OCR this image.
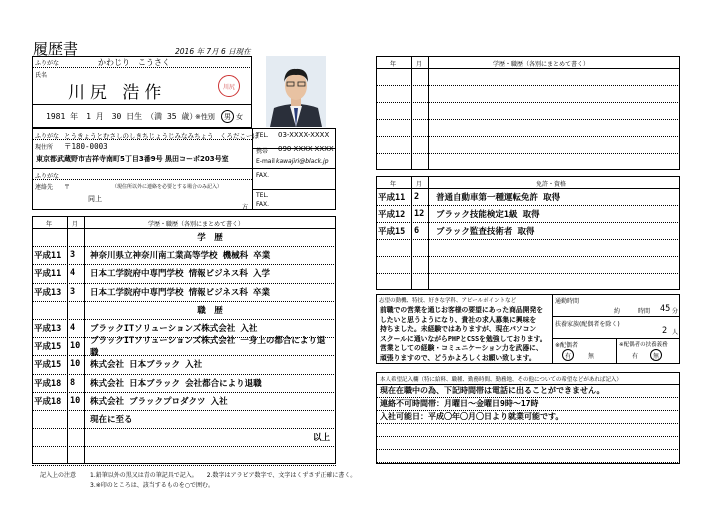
履歴書	2016 年 7月 6 日現在
ふりがな	かわじり　こうさく
氏名
川尻 浩作	川尻
1981 年　1 月　30 日生　（満 35 歳）
※性別 男 女
ふりがな とうきょうとむさしのしきちじょうじみなみちょう　くろだこーぽ
現住所 〒180-0003
東京都武蔵野市吉祥寺南町5丁目3番9号 黒田コーポ203号室
TEL. 03-XXXX-XXXX
携帯 090-XXXX-XXXX
E-mail kawajiri@black.jp
FAX.
ふりがな
連絡先 〒	（現住所以外に連絡を必要とする場合のみ記入）
同上
方
TEL.
FAX.
年	月	学歴・職歴（各別にまとめて書く）
記入上の注意 1.鉛筆以外の黒又は青の筆記具で記入。　　2.数字はアラビア数字で、文字はくずさず正確に書く。
3.※印のところは、該当するものを○で囲む。
年	月	学歴・職歴（各別にまとめて書く）
年	月	免許・資格
志望の動機、特技、好きな学科、アピールポイントなど	通勤時間
約	時間 45 分
扶養家族(配偶者を除く)
2 人
※配偶者
有	無
※配偶者の扶養義務
有 無
本人希望記入欄（特に給料、職種、勤務時間、勤務地、その他についての希望などがあれば記入）
学　歴
平成11	3	神奈川県立神奈川南工業高等学校 機械科 卒業
平成11	4	日本工学院府中専門学校 情報ビジネス科 入学
平成13	3	日本工学院府中専門学校 情報ビジネス科 卒業
職　歴
平成13	4	ブラックITソリューションズ株式会社 入社
平成15	10	ブラックITソリューションズ株式会社 一身上の都合により退職
平成15	10	株式会社 日本ブラック 入社
平成18	8	株式会社 日本ブラック 会社都合により退職
平成18	10	株式会社 ブラックプロダクツ 入社
現在に至る
以上
平成11	2	普通自動車第一種運転免許 取得
平成12	12	ブラック技能検定1級 取得
平成15	6	ブラック監査技術者 取得
前職での営業を通じお客様の要望にあった商品開発を
したいと思うようになり、貴社の求人募集に興味を
持ちました。未経験ではありますが、現在パソコン
スクールに通いながらPHPとCSSを勉強しております。
営業としての経験・コミュニケーション力を武器に、
頑張りますので、どうかよろしくお願い致します。
現在在職中の為、下記時間帯は電話に出ることができません。
連絡不可時間帯：月曜日～金曜日9時～17時
入社可能日：平成〇年〇月〇日より就業可能です。
